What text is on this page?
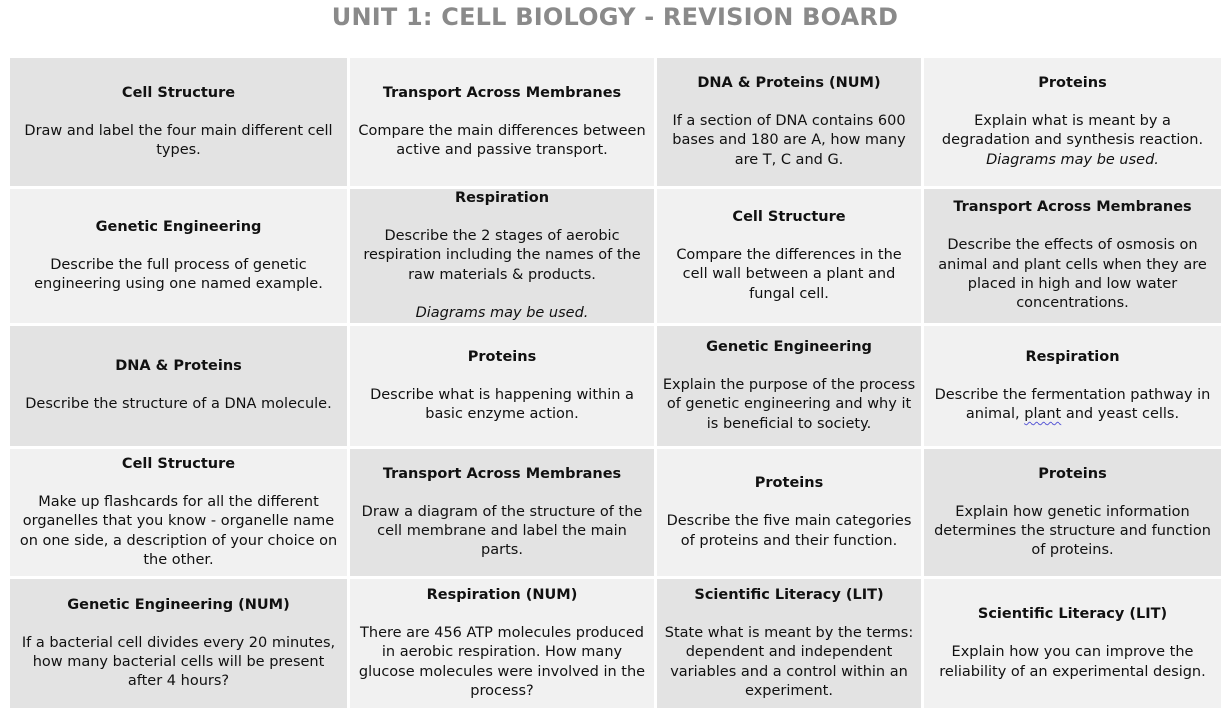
UNIT 1: CELL BIOLOGY - REVISION BOARD
Cell Structure
Draw and label the four main different cell types.
Transport Across Membranes
Compare the main differences between active and passive transport.
DNA & Proteins (NUM)
If a section of DNA contains 600 bases and 180 are A, how many are T, C and G.
Proteins
Explain what is meant by a degradation and synthesis reaction.
Diagrams may be used.
Genetic Engineering
Describe the full process of genetic engineering using one named example.
Respiration
Describe the 2 stages of aerobic respiration including the names of the raw materials & products.
Diagrams may be used.
Cell Structure
Compare the differences in the cell wall between a plant and fungal cell.
Transport Across Membranes
Describe the effects of osmosis on animal and plant cells when they are placed in high and low water concentrations.
DNA & Proteins
Describe the structure of a DNA molecule.
Proteins
Describe what is happening within a basic enzyme action.
Genetic Engineering
Explain the purpose of the process of genetic engineering and why it is beneficial to society.
Respiration
Describe the fermentation pathway in animal, plant and yeast cells.
Cell Structure
Make up flashcards for all the different organelles that you know - organelle name on one side, a description of your choice on the other.
Transport Across Membranes
Draw a diagram of the structure of the cell membrane and label the main parts.
Proteins
Describe the five main categories of proteins and their function.
Proteins
Explain how genetic information determines the structure and function of proteins.
Genetic Engineering (NUM)
If a bacterial cell divides every 20 minutes, how many bacterial cells will be present after 4 hours?
Respiration (NUM)
There are 456 ATP molecules produced in aerobic respiration. How many glucose molecules were involved in the process?
Scientific Literacy (LIT)
State what is meant by the terms: dependent and independent variables and a control within an experiment.
Scientific Literacy (LIT)
Explain how you can improve the reliability of an experimental design.
